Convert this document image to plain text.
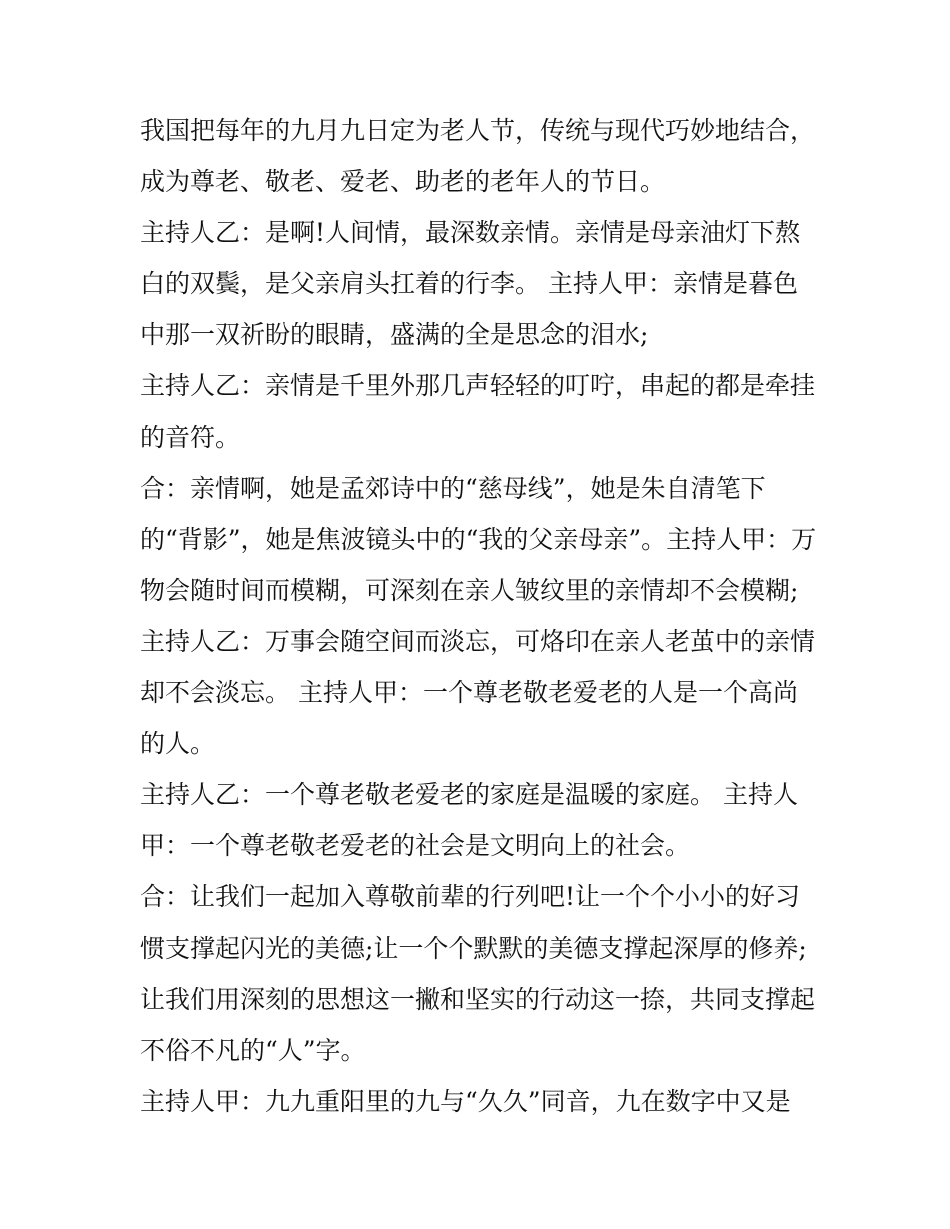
我国把每年的九月九日定为老人节，传统与现代巧妙地结合，
成为尊老、敬老、爱老、助老的老年人的节日。
主持人乙：是啊!人间情，最深数亲情。亲情是母亲油灯下熬
白的双鬓，是父亲肩头扛着的行李。 主持人甲：亲情是暮色
中那一双祈盼的眼睛，盛满的全是思念的泪水;
主持人乙：亲情是千里外那几声轻轻的叮咛，串起的都是牵挂
的音符。
合：亲情啊，她是孟郊诗中的“慈母线”，她是朱自清笔下
的“背影”，她是焦波镜头中的“我的父亲母亲”。主持人甲：万
物会随时间而模糊，可深刻在亲人皱纹里的亲情却不会模糊;
主持人乙：万事会随空间而淡忘，可烙印在亲人老茧中的亲情
却不会淡忘。 主持人甲：一个尊老敬老爱老的人是一个高尚
的人。
主持人乙：一个尊老敬老爱老的家庭是温暖的家庭。 主持人
甲：一个尊老敬老爱老的社会是文明向上的社会。
合：让我们一起加入尊敬前辈的行列吧!让一个个小小的好习
惯支撑起闪光的美德;让一个个默默的美德支撑起深厚的修养;
让我们用深刻的思想这一撇和坚实的行动这一捺，共同支撑起
不俗不凡的“人”字。
主持人甲：九九重阳里的九与“久久”同音，九在数字中又是
